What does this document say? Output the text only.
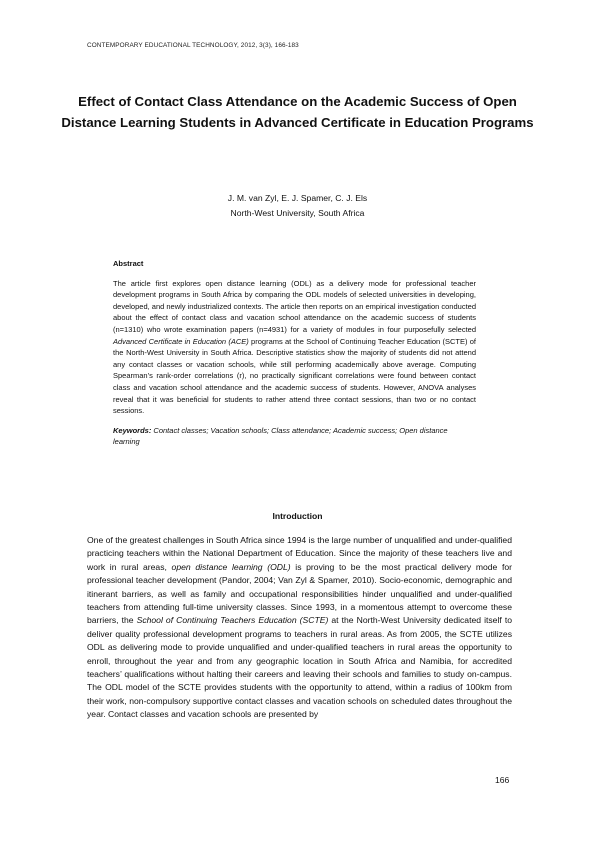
CONTEMPORARY EDUCATIONAL TECHNOLOGY, 2012, 3(3), 166-183
Effect of Contact Class Attendance on the Academic Success of Open Distance Learning Students in Advanced Certificate in Education Programs
J. M. van Zyl, E. J. Spamer, C. J. Els
North-West University, South Africa
Abstract
The article first explores open distance learning (ODL) as a delivery mode for professional teacher development programs in South Africa by comparing the ODL models of selected universities in developing, developed, and newly industrialized contexts. The article then reports on an empirical investigation conducted about the effect of contact class and vacation school attendance on the academic success of students (n=1310) who wrote examination papers (n=4931) for a variety of modules in four purposefully selected Advanced Certificate in Education (ACE) programs at the School of Continuing Teacher Education (SCTE) of the North-West University in South Africa. Descriptive statistics show the majority of students did not attend any contact classes or vacation schools, while still performing academically above average. Computing Spearman’s rank-order correlations (r), no practically significant correlations were found between contact class and vacation school attendance and the academic success of students. However, ANOVA analyses reveal that it was beneficial for students to rather attend three contact sessions, than two or no contact sessions.
Keywords: Contact classes; Vacation schools; Class attendance; Academic success; Open distance learning
Introduction
One of the greatest challenges in South Africa since 1994 is the large number of unqualified and under-qualified practicing teachers within the National Department of Education. Since the majority of these teachers live and work in rural areas, open distance learning (ODL) is proving to be the most practical delivery mode for professional teacher development (Pandor, 2004; Van Zyl & Spamer, 2010). Socio-economic, demographic and itinerant barriers, as well as family and occupational responsibilities hinder unqualified and under-qualified teachers from attending full-time university classes. Since 1993, in a momentous attempt to overcome these barriers, the School of Continuing Teachers Education (SCTE) at the North-West University dedicated itself to deliver quality professional development programs to teachers in rural areas. As from 2005, the SCTE utilizes ODL as delivering mode to provide unqualified and under-qualified teachers in rural areas the opportunity to enroll, throughout the year and from any geographic location in South Africa and Namibia, for accredited teachers’ qualifications without halting their careers and leaving their schools and families to study on-campus. The ODL model of the SCTE provides students with the opportunity to attend, within a radius of 100km from their work, non-compulsory supportive contact classes and vacation schools on scheduled dates throughout the year. Contact classes and vacation schools are presented by
166
